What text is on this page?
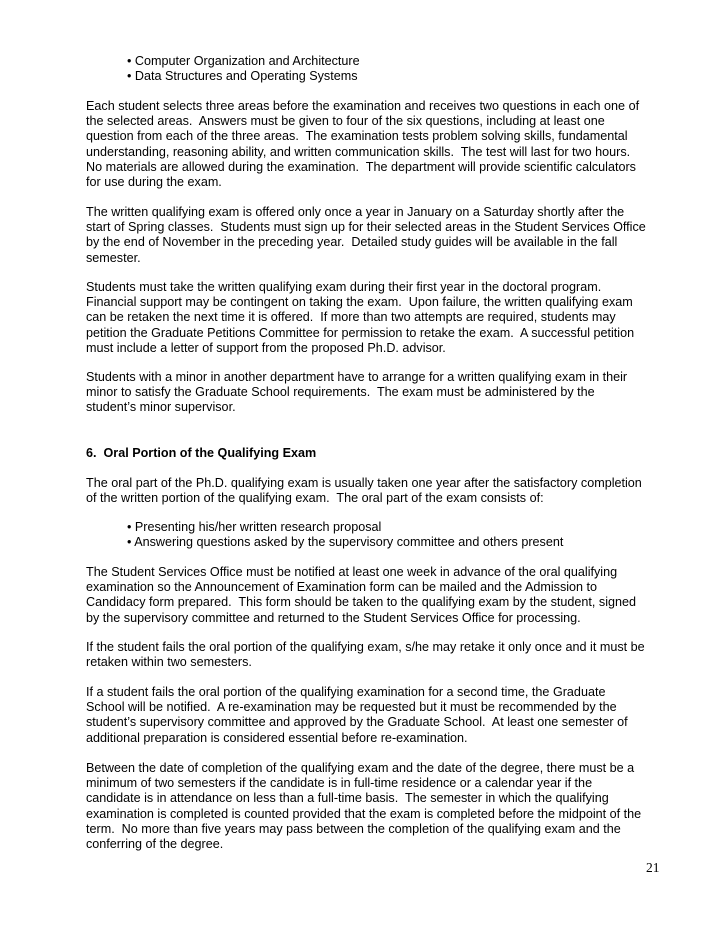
• Computer Organization and Architecture
• Data Structures and Operating Systems
Each student selects three areas before the examination and receives two questions in each one of
the selected areas.  Answers must be given to four of the six questions, including at least one
question from each of the three areas.  The examination tests problem solving skills, fundamental
understanding, reasoning ability, and written communication skills.  The test will last for two hours.
No materials are allowed during the examination.  The department will provide scientific calculators
for use during the exam.
The written qualifying exam is offered only once a year in January on a Saturday shortly after the
start of Spring classes.  Students must sign up for their selected areas in the Student Services Office
by the end of November in the preceding year.  Detailed study guides will be available in the fall
semester.
Students must take the written qualifying exam during their first year in the doctoral program.
Financial support may be contingent on taking the exam.  Upon failure, the written qualifying exam
can be retaken the next time it is offered.  If more than two attempts are required, students may
petition the Graduate Petitions Committee for permission to retake the exam.  A successful petition
must include a letter of support from the proposed Ph.D. advisor.
Students with a minor in another department have to arrange for a written qualifying exam in their
minor to satisfy the Graduate School requirements.  The exam must be administered by the
student’s minor supervisor.
6.  Oral Portion of the Qualifying Exam
The oral part of the Ph.D. qualifying exam is usually taken one year after the satisfactory completion
of the written portion of the qualifying exam.  The oral part of the exam consists of:
• Presenting his/her written research proposal
• Answering questions asked by the supervisory committee and others present
The Student Services Office must be notified at least one week in advance of the oral qualifying
examination so the Announcement of Examination form can be mailed and the Admission to
Candidacy form prepared.  This form should be taken to the qualifying exam by the student, signed
by the supervisory committee and returned to the Student Services Office for processing.
If the student fails the oral portion of the qualifying exam, s/he may retake it only once and it must be
retaken within two semesters.
If a student fails the oral portion of the qualifying examination for a second time, the Graduate
School will be notified.  A re-examination may be requested but it must be recommended by the
student’s supervisory committee and approved by the Graduate School.  At least one semester of
additional preparation is considered essential before re-examination.
Between the date of completion of the qualifying exam and the date of the degree, there must be a
minimum of two semesters if the candidate is in full-time residence or a calendar year if the
candidate is in attendance on less than a full-time basis.  The semester in which the qualifying
examination is completed is counted provided that the exam is completed before the midpoint of the
term.  No more than five years may pass between the completion of the qualifying exam and the
conferring of the degree.
21
